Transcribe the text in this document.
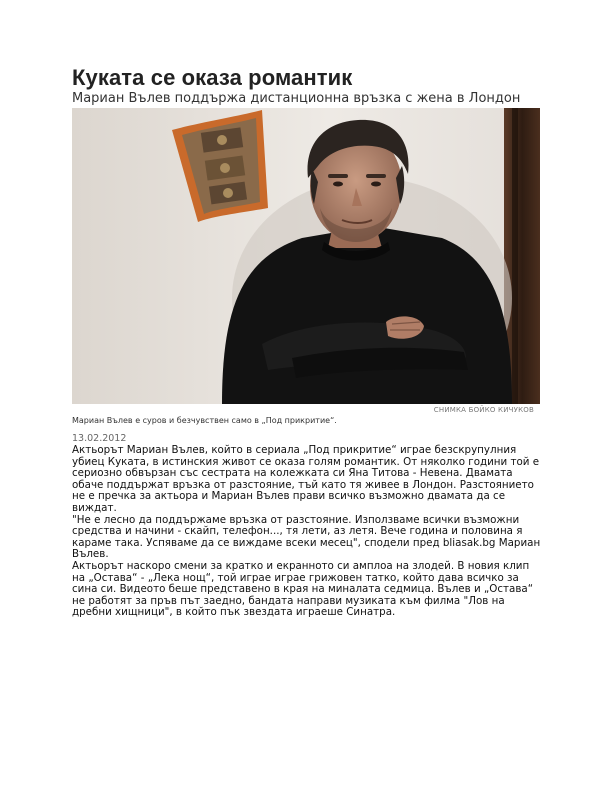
Куката се оказа романтик
Мариан Вълев поддържа дистанционна връзка с жена в Лондон
СНИМКА БОЙКО КИЧУКОВ
Мариан Вълев е суров и безчувствен само в „Под прикритие“.
13.02.2012

Актьорът Мариан Вълев, който в сериала „Под прикритие“ играе безскрупулния убиец Куката, в истинския живот се оказа голям романтик. От няколко години той е сериозно обвързан със сестрата на колежката си Яна Титова - Невена. Двамата обаче поддържат връзка от разстояние, тъй като тя живее в Лондон. Разстоянието не е пречка за актьора и Мариан Вълев прави всичко възможно двамата да се виждат.

"Не е лесно да поддържаме връзка от разстояние. Използваме всички възможни средства и начини - скайп, телефон..., тя лети, аз летя. Вече година и половина я караме така. Успяваме да се виждаме всеки месец", сподели пред bliasak.bg Мариан Вълев.

Актьорът наскоро смени за кратко и екранното си амплоа на злодей. В новия клип на „Остава“ - „Лека нощ“, той играе играе грижовен татко, който дава всичко за сина си. Видеото беше представено в края на миналата седмица. Вълев и „Остава“ не работят за пръв път заедно, бандата направи музиката към филма "Лов на дребни хищници", в който пък звездата играеше Синатра.
